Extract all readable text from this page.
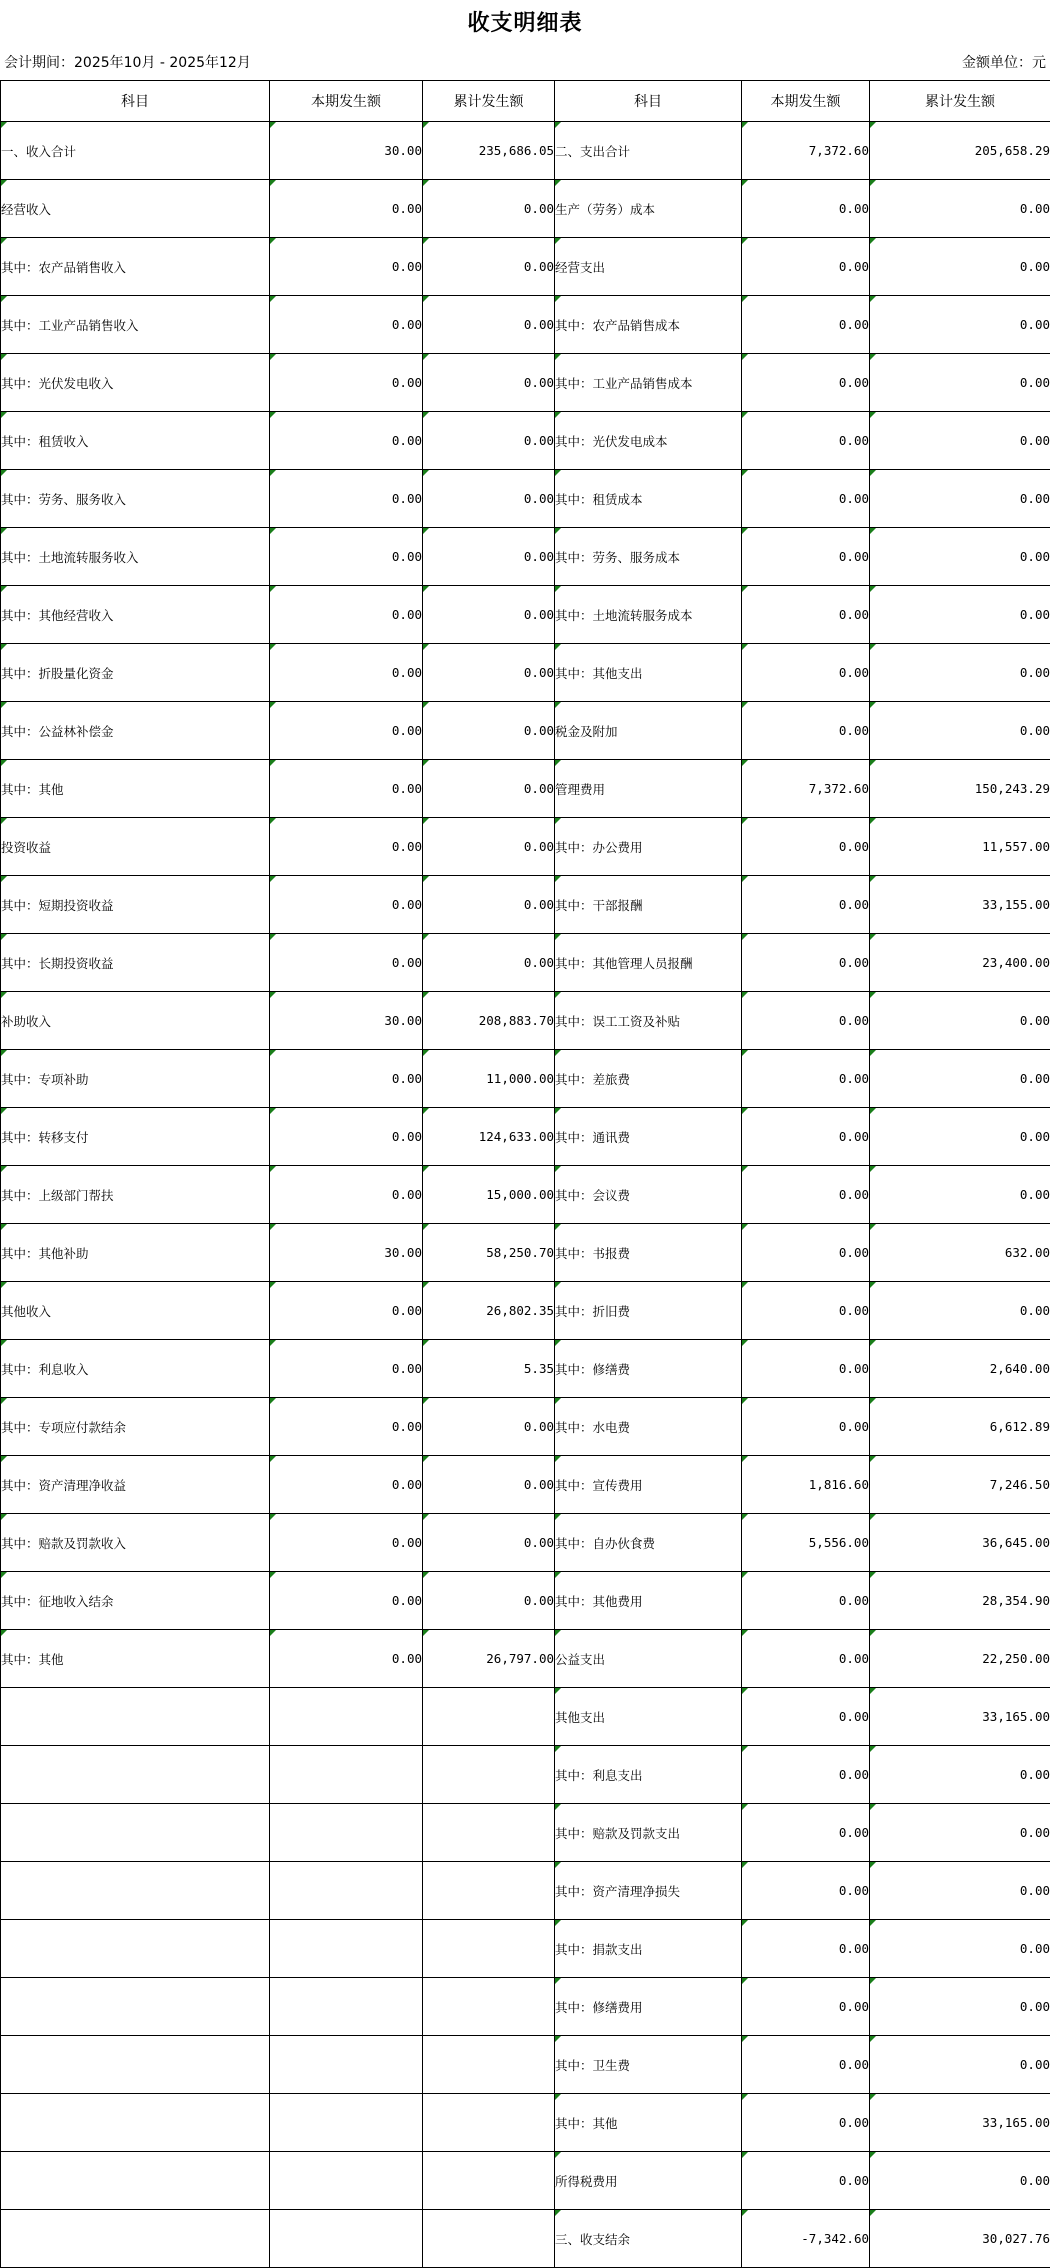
收支明细表
会计期间：2025年10月 - 2025年12月	金额单位：元
科目	本期发生额	累计发生额	科目	本期发生额	累计发生额
一、收入合计	30.00	235,686.05	二、支出合计	7,372.60	205,658.29
经营收入	0.00	0.00	生产（劳务）成本	0.00	0.00
其中：农产品销售收入	0.00	0.00	经营支出	0.00	0.00
其中：工业产品销售收入	0.00	0.00	其中：农产品销售成本	0.00	0.00
其中：光伏发电收入	0.00	0.00	其中：工业产品销售成本	0.00	0.00
其中：租赁收入	0.00	0.00	其中：光伏发电成本	0.00	0.00
其中：劳务、服务收入	0.00	0.00	其中：租赁成本	0.00	0.00
其中：土地流转服务收入	0.00	0.00	其中：劳务、服务成本	0.00	0.00
其中：其他经营收入	0.00	0.00	其中：土地流转服务成本	0.00	0.00
其中：折股量化资金	0.00	0.00	其中：其他支出	0.00	0.00
其中：公益林补偿金	0.00	0.00	税金及附加	0.00	0.00
其中：其他	0.00	0.00	管理费用	7,372.60	150,243.29
投资收益	0.00	0.00	其中：办公费用	0.00	11,557.00
其中：短期投资收益	0.00	0.00	其中：干部报酬	0.00	33,155.00
其中：长期投资收益	0.00	0.00	其中：其他管理人员报酬	0.00	23,400.00
补助收入	30.00	208,883.70	其中：误工工资及补贴	0.00	0.00
其中：专项补助	0.00	11,000.00	其中：差旅费	0.00	0.00
其中：转移支付	0.00	124,633.00	其中：通讯费	0.00	0.00
其中：上级部门帮扶	0.00	15,000.00	其中：会议费	0.00	0.00
其中：其他补助	30.00	58,250.70	其中：书报费	0.00	632.00
其他收入	0.00	26,802.35	其中：折旧费	0.00	0.00
其中：利息收入	0.00	5.35	其中：修缮费	0.00	2,640.00
其中：专项应付款结余	0.00	0.00	其中：水电费	0.00	6,612.89
其中：资产清理净收益	0.00	0.00	其中：宣传费用	1,816.60	7,246.50
其中：赔款及罚款收入	0.00	0.00	其中：自办伙食费	5,556.00	36,645.00
其中：征地收入结余	0.00	0.00	其中：其他费用	0.00	28,354.90
其中：其他	0.00	26,797.00	公益支出	0.00	22,250.00
			其他支出	0.00	33,165.00
			其中：利息支出	0.00	0.00
			其中：赔款及罚款支出	0.00	0.00
			其中：资产清理净损失	0.00	0.00
			其中：捐款支出	0.00	0.00
			其中：修缮费用	0.00	0.00
			其中：卫生费	0.00	0.00
			其中：其他	0.00	33,165.00
			所得税费用	0.00	0.00
			三、收支结余	-7,342.60	30,027.76
